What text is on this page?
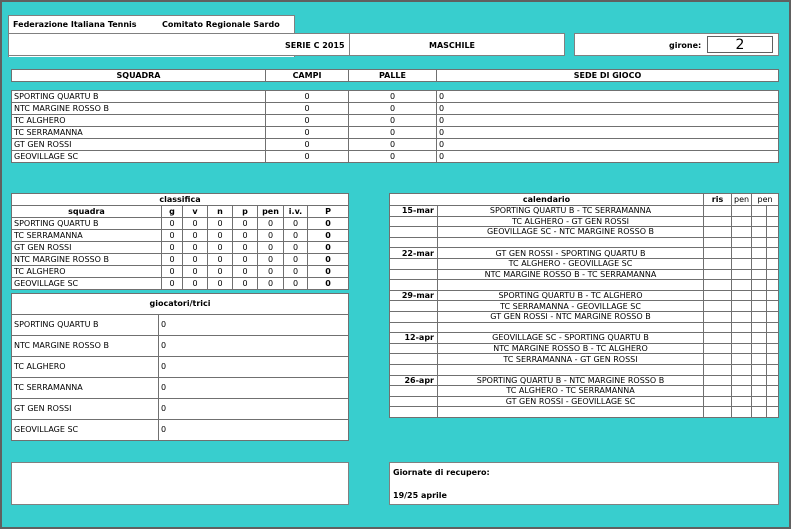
Federazione Italiana Tennis	Comitato Regionale Sardo
SERIE C 2015	MASCHILE	girone:	2
SQUADRA	CAMPI	PALLE	SEDE DI GIOCO
SPORTING QUARTU B	0	0	0
NTC MARGINE ROSSO B	0	0	0
TC ALGHERO	0	0	0
TC SERRAMANNA	0	0	0
GT GEN ROSSI	0	0	0
GEOVILLAGE SC	0	0	0
classifica							
squadra	g	v	n	p	pen	i.v.	P
SPORTING QUARTU B	0	0	0	0	0	0	0
TC SERRAMANNA	0	0	0	0	0	0	0
GT GEN ROSSI	0	0	0	0	0	0	0
NTC MARGINE ROSSO B	0	0	0	0	0	0	0
TC ALGHERO	0	0	0	0	0	0	0
GEOVILLAGE SC	0	0	0	0	0	0	0
giocatori/trici	
SPORTING QUARTU B	0
NTC MARGINE ROSSO B	0
TC ALGHERO	0
TC SERRAMANNA	0
GT GEN ROSSI	0
GEOVILLAGE SC	0
calendario		ris	pen	pen	
15-mar	SPORTING QUARTU B - TC SERRAMANNA				
	TC ALGHERO - GT GEN ROSSI				
	GEOVILLAGE SC - NTC MARGINE ROSSO B				

22-mar	GT GEN ROSSI - SPORTING QUARTU B				
	TC ALGHERO - GEOVILLAGE SC				
	NTC MARGINE ROSSO B - TC SERRAMANNA				

29-mar	SPORTING QUARTU B - TC ALGHERO				
	TC SERRAMANNA - GEOVILLAGE SC				
	GT GEN ROSSI - NTC MARGINE ROSSO B				

12-apr	GEOVILLAGE SC - SPORTING QUARTU B				
	NTC MARGINE ROSSO B - TC ALGHERO				
	TC SERRAMANNA - GT GEN ROSSI				

26-apr	SPORTING QUARTU B - NTC MARGINE ROSSO B				
	TC ALGHERO - TC SERRAMANNA				
	GT GEN ROSSI - GEOVILLAGE SC				

Giornate di recupero:
19/25 aprile
